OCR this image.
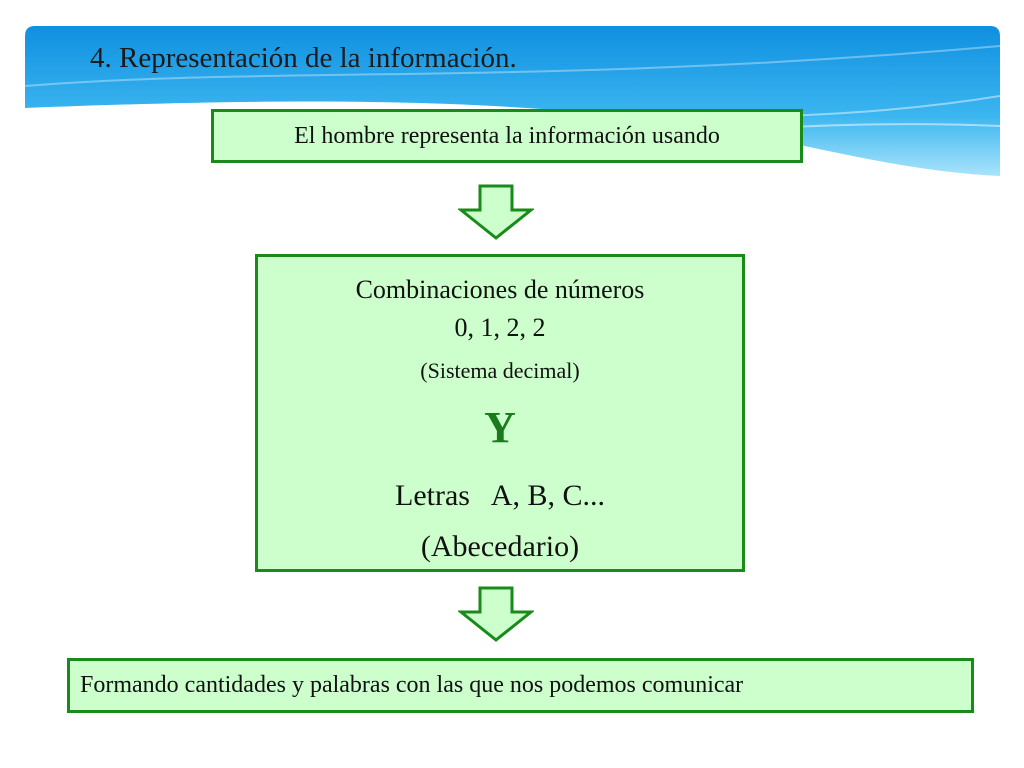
4. Representación de la información.
El hombre representa la información usando
Combinaciones de números
0, 1, 2, 2
(Sistema decimal)
Y
Letras   A, B, C...
(Abecedario)
Formando cantidades y palabras con las que nos podemos comunicar
